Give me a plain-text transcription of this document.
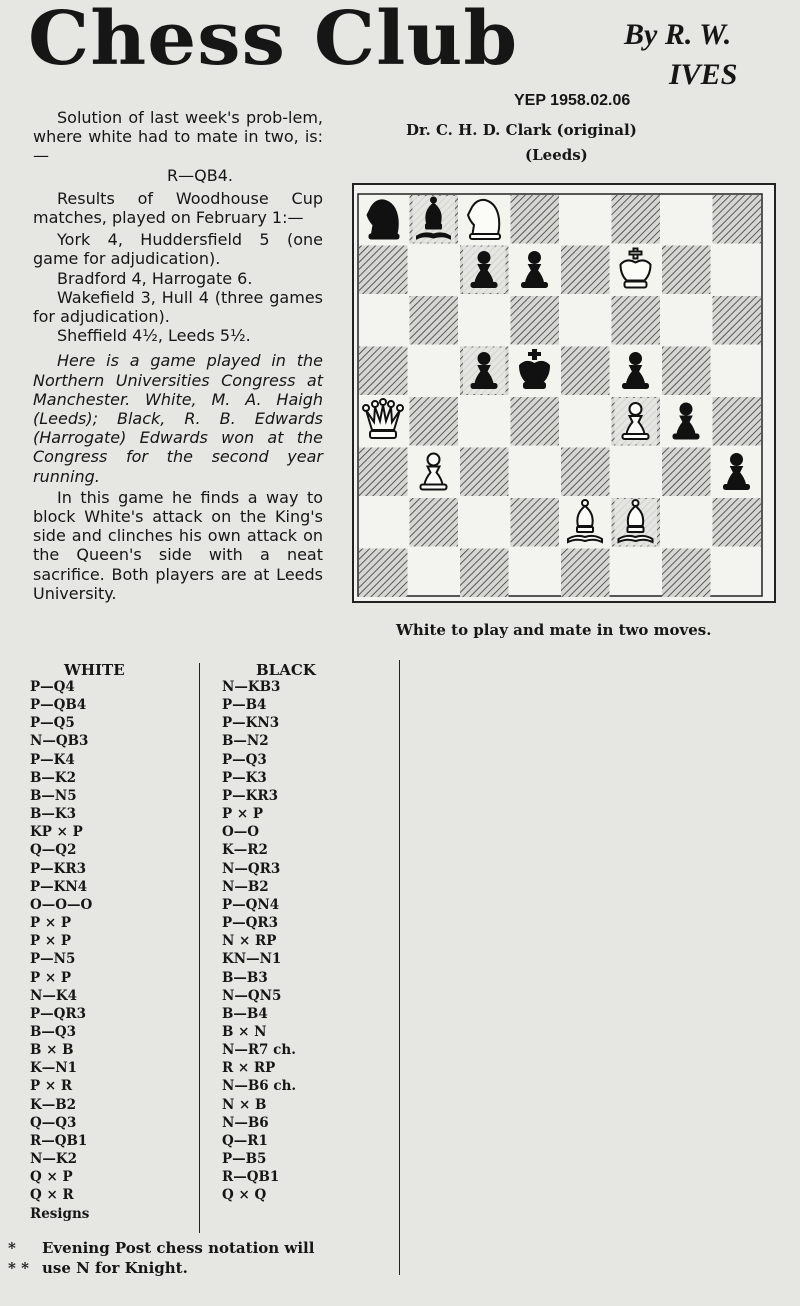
Chess Club	By R. W.
IVES
YEP 1958.02.06
Dr. C. H. D. Clark (original)
(Leeds)

Solution of last week's prob-lem, where white had to mate in two, is:—
R—QB4.

Results of Woodhouse Cup matches, played on February 1:—

York 4, Huddersfield 5 (one game for adjudication).

Bradford 4, Harrogate 6.

Wakefield 3, Hull 4 (three games for adjudication).

Sheffield 4½, Leeds 5½.

Here is a game played in the Northern Universities Congress at Manchester. White, M. A. Haigh (Leeds); Black, R. B. Edwards (Harrogate) Edwards won at the Congress for the second year running.

In this game he finds a way to block White's attack on the King's side and clinches his own attack on the Queen's side with a neat sacrifice. Both players are at Leeds University.

WHITE	BLACK
P—Q4
P—QB4
P—Q5
N—QB3
P—K4
B—K2
B—N5
B—K3
KP × P
Q—Q2
P—KR3
P—KN4
O—O—O
P × P
P × P
P—N5
P × P
N—K4
P—QR3
B—Q3
B × B
K—N1
P × R
K—B2
Q—Q3
R—QB1
N—K2
Q × P
Q × R
Resigns
N—KB3
P—B4
P—KN3
B—N2
P—Q3
P—K3
P—KR3
P × P
O—O
K—R2
N—QR3
N—B2
P—QN4
P—QR3
N × RP
KN—N1
B—B3
N—QN5
B—B4
B × N
N—R7 ch.
R × RP
N—B6 ch.
N × B
N—B6
Q—R1
P—B5
R—QB1
Q × Q
White to play and mate in two moves.
* Evening Post chess notation will
* * use N for Knight.
